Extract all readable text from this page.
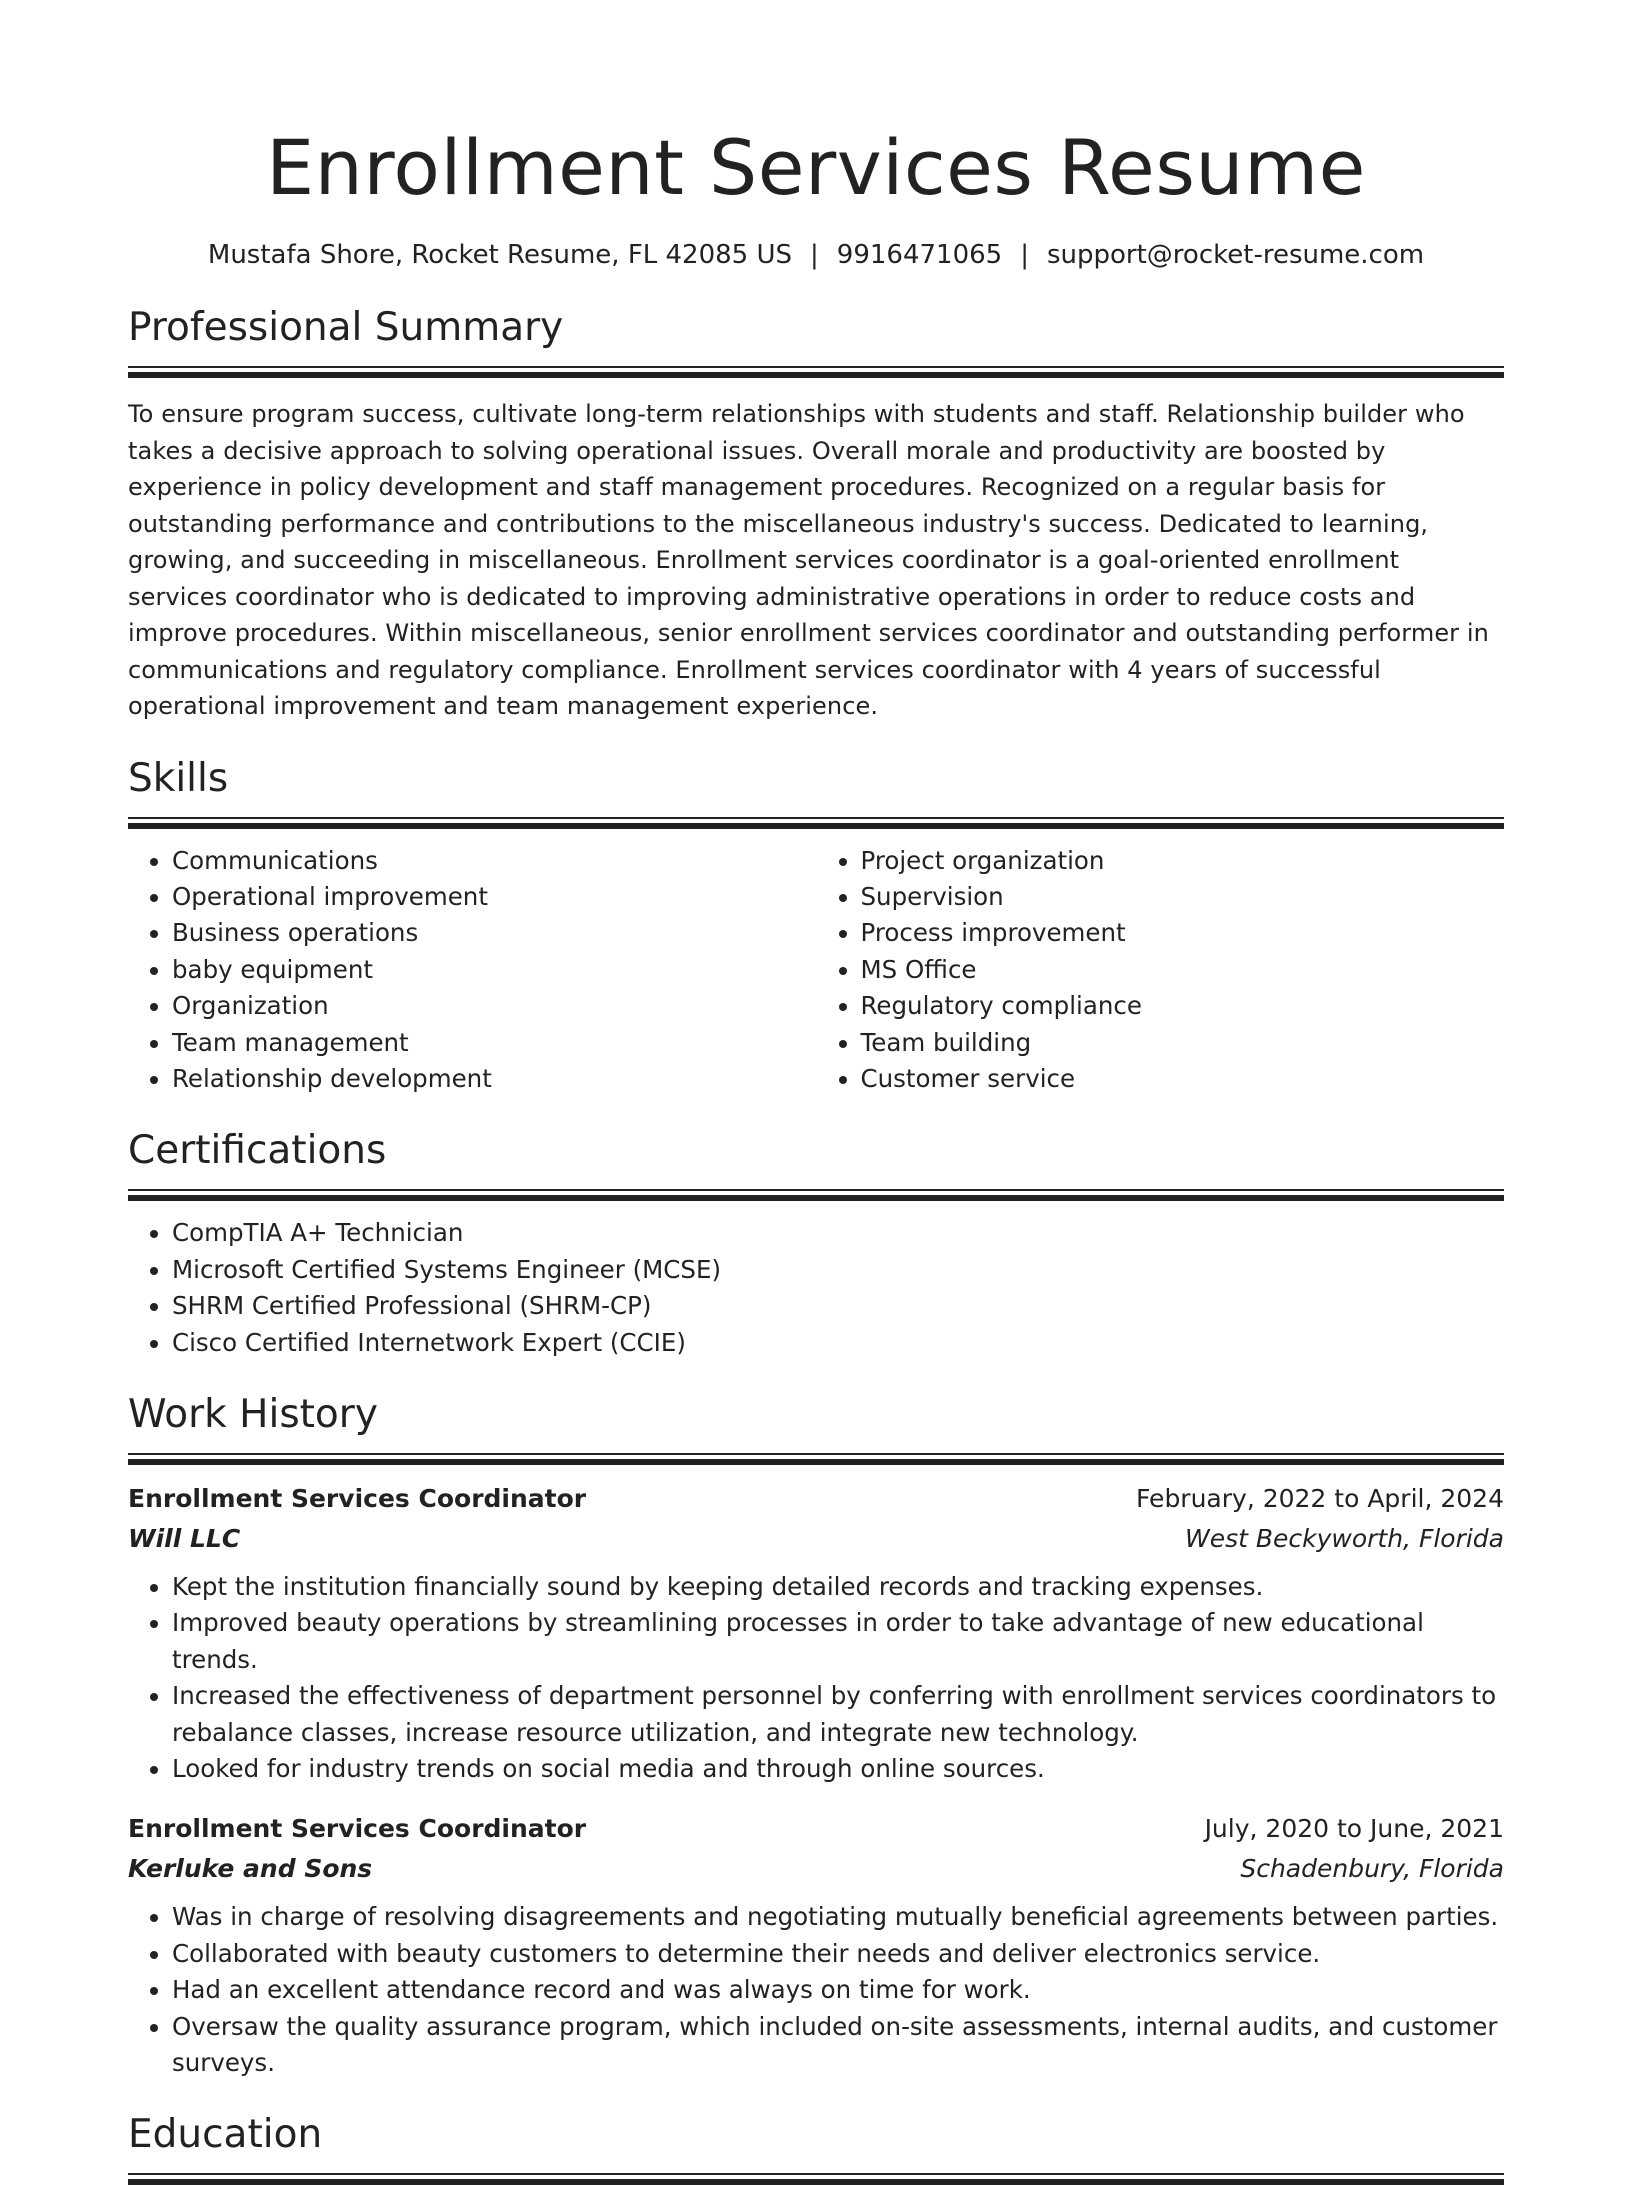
Enrollment Services Resume
Mustafa Shore, Rocket Resume, FL 42085 US | 9916471065 | support@rocket-resume.com
Professional Summary
To ensure program success, cultivate long-term relationships with students and staff. Relationship builder who takes a decisive approach to solving operational issues. Overall morale and productivity are boosted by experience in policy development and staff management procedures. Recognized on a regular basis for outstanding performance and contributions to the miscellaneous industry's success. Dedicated to learning, growing, and succeeding in miscellaneous. Enrollment services coordinator is a goal-oriented enrollment services coordinator who is dedicated to improving administrative operations in order to reduce costs and improve procedures. Within miscellaneous, senior enrollment services coordinator and outstanding performer in communications and regulatory compliance. Enrollment services coordinator with 4 years of successful operational improvement and team management experience.
Skills
• Communications
• Operational improvement
• Business operations
• baby equipment
• Organization
• Team management
• Relationship development
• Project organization
• Supervision
• Process improvement
• MS Office
• Regulatory compliance
• Team building
• Customer service
Certifications
• CompTIA A+ Technician
• Microsoft Certified Systems Engineer (MCSE)
• SHRM Certified Professional (SHRM-CP)
• Cisco Certified Internetwork Expert (CCIE)
Work History
Enrollment Services Coordinator	February, 2022 to April, 2024
Will LLC	West Beckyworth, Florida
• Kept the institution financially sound by keeping detailed records and tracking expenses.
• Improved beauty operations by streamlining processes in order to take advantage of new educational trends.
• Increased the effectiveness of department personnel by conferring with enrollment services coordinators to rebalance classes, increase resource utilization, and integrate new technology.
• Looked for industry trends on social media and through online sources.
Enrollment Services Coordinator	July, 2020 to June, 2021
Kerluke and Sons	Schadenbury, Florida
• Was in charge of resolving disagreements and negotiating mutually beneficial agreements between parties.
• Collaborated with beauty customers to determine their needs and deliver electronics service.
• Had an excellent attendance record and was always on time for work.
• Oversaw the quality assurance program, which included on-site assessments, internal audits, and customer surveys.
Education
